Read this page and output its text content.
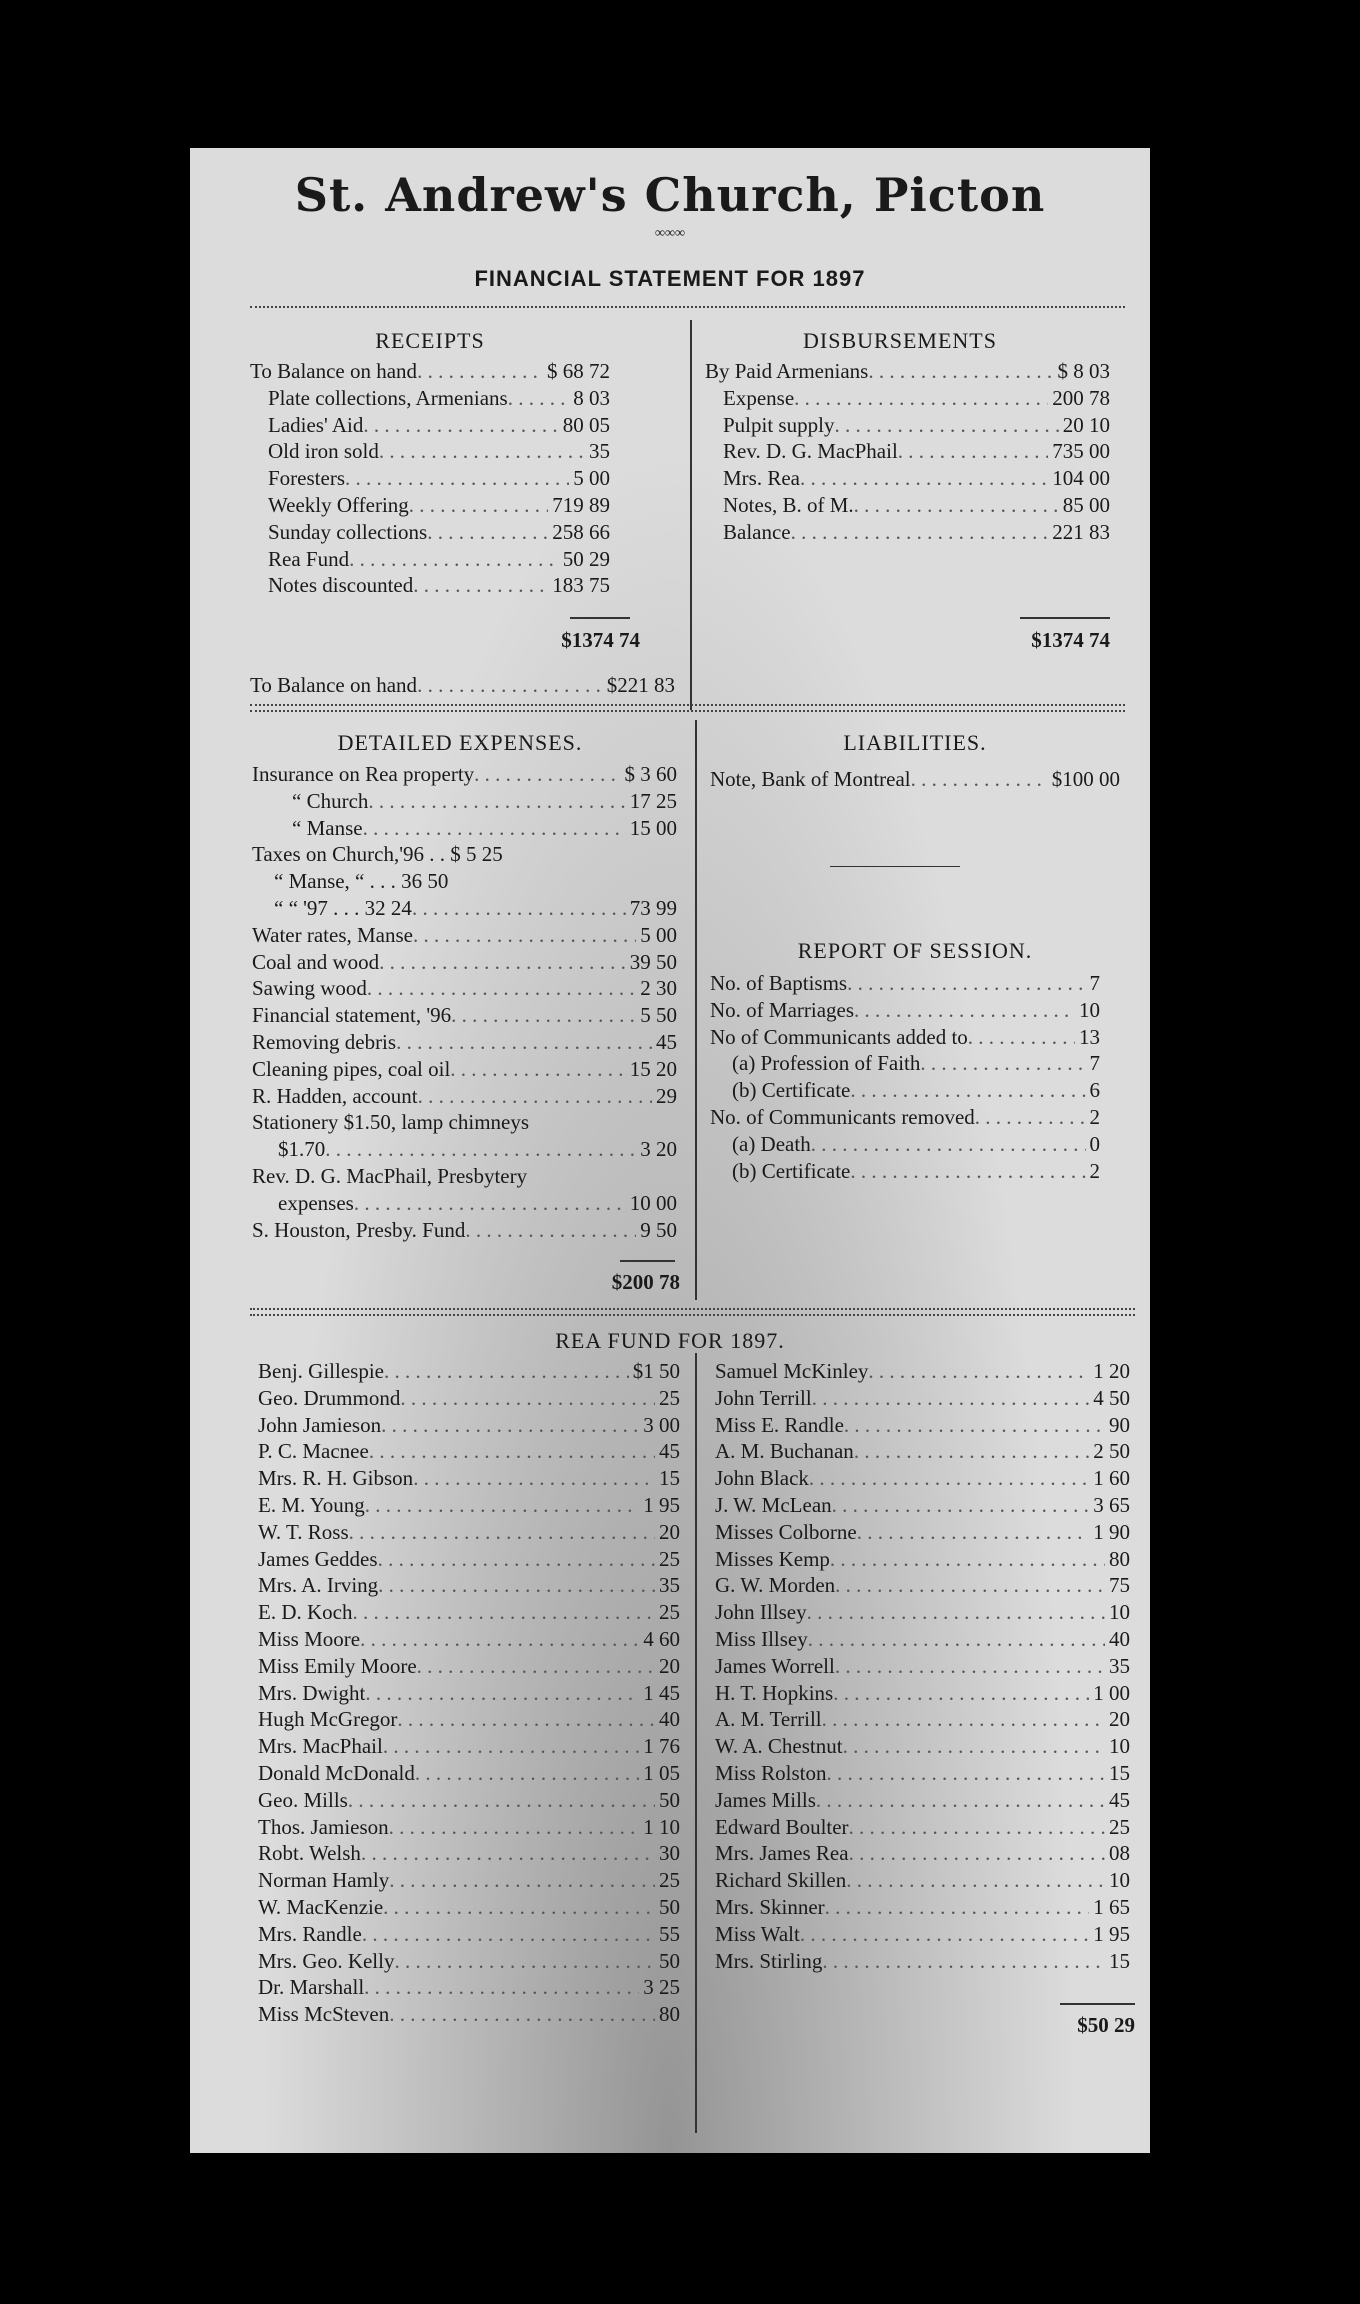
St. Andrew's Church, Picton
∞∞∞
FINANCIAL STATEMENT FOR 1897
RECEIPTS
To Balance on hand . . .	$ 68 72
Plate collections, Armenians . . .	8 03
Ladies' Aid . . .	80 05
Old iron sold . . .	35
Foresters . . .	5 00
Weekly Offering . . .	719 89
Sunday collections . . .	258 66
Rea Fund . . .	50 29
Notes discounted . . .	183 75
$1374 74
To Balance on hand . . .	$221 83
DISBURSEMENTS
By Paid Armenians . . .	$ 8 03
Expense . . .	200 78
Pulpit supply . . .	20 10
Rev. D. G. MacPhail . . .	735 00
Mrs. Rea . . .	104 00
Notes, B. of M. . . .	85 00
Balance . . .	221 83
$1374 74
DETAILED EXPENSES.
Insurance on Rea property . . .	$ 3 60
“ Church . . .	17 25
“ Manse . . .	15 00
Taxes on Church,'96 . . $ 5 25
“ Manse, “ . . . 36 50
“ “ '97 . . . 32 24 . . .	73 99
Water rates, Manse . . .	5 00
Coal and wood . . .	39 50
Sawing wood . . .	2 30
Financial statement, '96 . . .	5 50
Removing debris . . .	45
Cleaning pipes, coal oil . . .	15 20
R. Hadden, account . . .	29
Stationery $1.50, lamp chimneys
$1.70 . . .	3 20
Rev. D. G. MacPhail, Presbytery
expenses . . .	10 00
S. Houston, Presby. Fund . . .	9 50
$200 78
LIABILITIES.
Note, Bank of Montreal . . .	$100 00
REPORT OF SESSION.
No. of Baptisms . . .	7
No. of Marriages . . .	10
No of Communicants added to . . .	13
(a) Profession of Faith . . .	7
(b) Certificate . . .	6
No. of Communicants removed . . .	2
(a) Death . . .	0
(b) Certificate . . .	2
REA FUND FOR 1897.
Benj. Gillespie . . .	$1 50
Geo. Drummond . . .	25
John Jamieson . . .	3 00
P. C. Macnee . . .	45
Mrs. R. H. Gibson . . .	15
E. M. Young . . .	1 95
W. T. Ross . . .	20
James Geddes . . .	25
Mrs. A. Irving . . .	35
E. D. Koch . . .	25
Miss Moore . . .	4 60
Miss Emily Moore . . .	20
Mrs. Dwight . . .	1 45
Hugh McGregor . . .	40
Mrs. MacPhail . . .	1 76
Donald McDonald . . .	1 05
Geo. Mills . . .	50
Thos. Jamieson . . .	1 10
Robt. Welsh . . .	30
Norman Hamly . . .	25
W. MacKenzie . . .	50
Mrs. Randle . . .	55
Mrs. Geo. Kelly . . .	50
Dr. Marshall . . .	3 25
Miss McSteven . . .	80
Samuel McKinley . . .	1 20
John Terrill . . .	4 50
Miss E. Randle . . .	90
A. M. Buchanan . . .	2 50
John Black . . .	1 60
J. W. McLean . . .	3 65
Misses Colborne . . .	1 90
Misses Kemp . . .	80
G. W. Morden . . .	75
John Illsey . . .	10
Miss Illsey . . .	40
James Worrell . . .	35
H. T. Hopkins . . .	1 00
A. M. Terrill . . .	20
W. A. Chestnut . . .	10
Miss Rolston . . .	15
James Mills . . .	45
Edward Boulter . . .	25
Mrs. James Rea . . .	08
Richard Skillen . . .	10
Mrs. Skinner . . .	1 65
Miss Walt . . .	1 95
Mrs. Stirling . . .	15
$50 29
